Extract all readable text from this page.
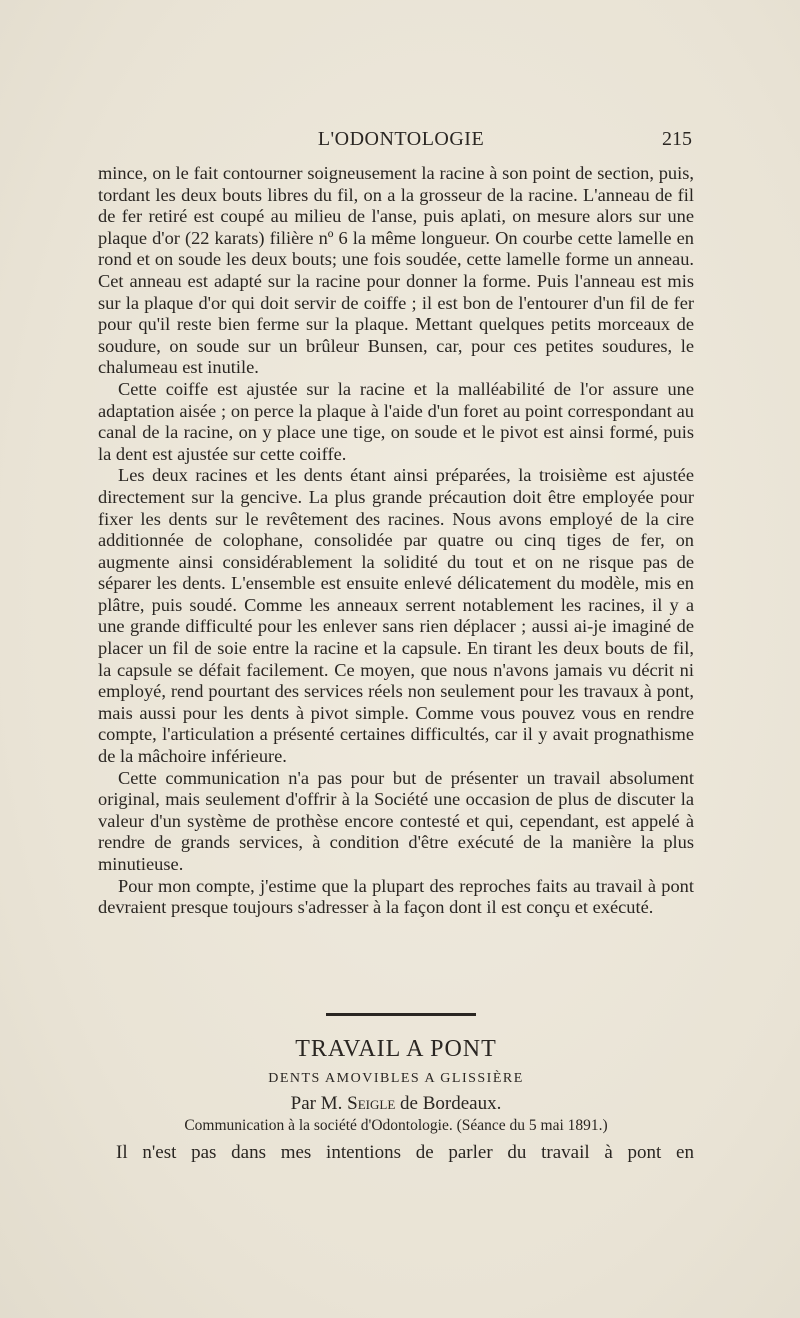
L'ODONTOLOGIE	215

mince, on le fait contourner soigneusement la racine à son point de section, puis, tordant les deux bouts libres du fil, on a la grosseur de la racine. L'anneau de fil de fer retiré est coupé au milieu de l'anse, puis aplati, on mesure alors sur une plaque d'or (22 karats) filière nº 6 la même longueur. On courbe cette lamelle en rond et on soude les deux bouts; une fois soudée, cette lamelle forme un anneau. Cet anneau est adapté sur la racine pour donner la forme. Puis l'anneau est mis sur la plaque d'or qui doit servir de coiffe ; il est bon de l'entourer d'un fil de fer pour qu'il reste bien ferme sur la plaque. Mettant quelques petits morceaux de soudure, on soude sur un brûleur Bunsen, car, pour ces petites soudures, le chalumeau est inutile.

Cette coiffe est ajustée sur la racine et la malléabilité de l'or assure une adaptation aisée ; on perce la plaque à l'aide d'un foret au point correspondant au canal de la racine, on y place une tige, on soude et le pivot est ainsi formé, puis la dent est ajustée sur cette coiffe.

Les deux racines et les dents étant ainsi préparées, la troisième est ajustée directement sur la gencive. La plus grande précaution doit être employée pour fixer les dents sur le revêtement des racines. Nous avons employé de la cire additionnée de colophane, consolidée par quatre ou cinq tiges de fer, on augmente ainsi considérablement la solidité du tout et on ne risque pas de séparer les dents. L'ensemble est ensuite enlevé délicatement du modèle, mis en plâtre, puis soudé. Comme les anneaux serrent notablement les racines, il y a une grande difficulté pour les enlever sans rien déplacer ; aussi ai-je imaginé de placer un fil de soie entre la racine et la capsule. En tirant les deux bouts de fil, la capsule se défait facilement. Ce moyen, que nous n'avons jamais vu décrit ni employé, rend pourtant des services réels non seulement pour les travaux à pont, mais aussi pour les dents à pivot simple. Comme vous pouvez vous en rendre compte, l'articulation a présenté certaines difficultés, car il y avait prognathisme de la mâchoire inférieure.

Cette communication n'a pas pour but de présenter un travail absolument original, mais seulement d'offrir à la Société une occasion de plus de discuter la valeur d'un système de prothèse encore contesté et qui, cependant, est appelé à rendre de grands services, à condition d'être exécuté de la manière la plus minutieuse.

Pour mon compte, j'estime que la plupart des reproches faits au travail à pont devraient presque toujours s'adresser à la façon dont il est conçu et exécuté.

TRAVAIL A PONT
DENTS AMOVIBLES A GLISSIÈRE
Par M. Seigle de Bordeaux.
Communication à la société d'Odontologie. (Séance du 5 mai 1891.)
Il n'est pas dans mes intentions de parler du travail à pont en
